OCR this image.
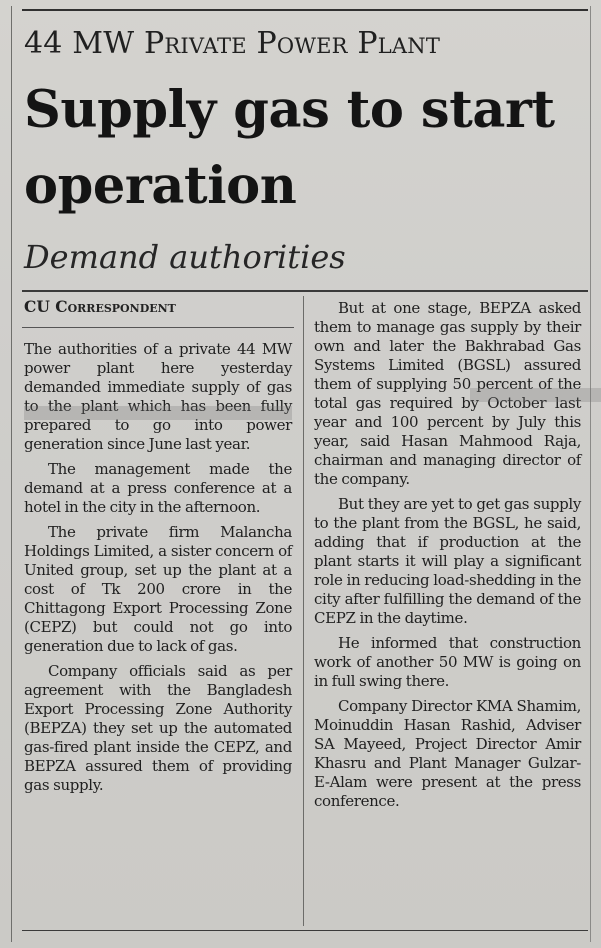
44 MW Private Power Plant
Supply gas to start operation
Demand authorities
CU Correspondent

The authorities of a private 44 MW power plant here yesterday demanded immediate supply of gas to the plant which has been fully prepared to go into power generation since June last year.

The management made the demand at a press conference at a hotel in the city in the afternoon.

The private firm Malancha Holdings Limited, a sister concern of United group, set up the plant at a cost of Tk 200 crore in the Chittagong Export Processing Zone (CEPZ) but could not go into generation due to lack of gas.

Company officials said as per agreement with the Bangladesh Export Processing Zone Authority (BEPZA) they set up the automated gas-fired plant inside the CEPZ, and BEPZA assured them of providing gas supply.

But at one stage, BEPZA asked them to manage gas supply by their own and later the Bakhrabad Gas Systems Limited (BGSL) assured them of supplying 50 percent of the total gas required by October last year and 100 percent by July this year, said Hasan Mahmood Raja, chairman and managing director of the company.

But they are yet to get gas supply to the plant from the BGSL, he said, adding that if production at the plant starts it will play a significant role in reducing load-shedding in the city after fulfilling the demand of the CEPZ in the daytime.

He informed that construction work of another 50 MW is going on in full swing there.

Company Director KMA Shamim, Moinuddin Hasan Rashid, Adviser SA Mayeed, Project Director Amir Khasru and Plant Manager Gulzar-E-Alam were present at the press conference.
